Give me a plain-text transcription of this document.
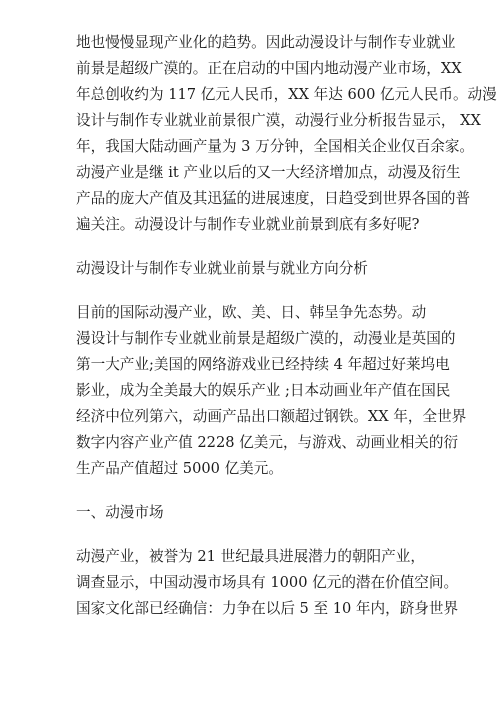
地也慢慢显现产业化的趋势。因此动漫设计与制作专业就业
前景是超级广漠的。正在启动的中国内地动漫产业市场，XX
年总创收约为 117 亿元人民币，XX 年达 600 亿元人民币。动漫
设计与制作专业就业前景很广漠，动漫行业分析报告显示， XX
年，我国大陆动画产量为 3 万分钟，全国相关企业仅百余家。
动漫产业是继 it 产业以后的又一大经济增加点，动漫及衍生
产品的庞大产值及其迅猛的进展速度，日趋受到世界各国的普
遍关注。动漫设计与制作专业就业前景到底有多好呢?
动漫设计与制作专业就业前景与就业方向分析
目前的国际动漫产业，欧、美、日、韩呈争先态势。动
漫设计与制作专业就业前景是超级广漠的，动漫业是英国的
第一大产业;美国的网络游戏业已经持续 4 年超过好莱坞电
影业，成为全美最大的娱乐产业 ;日本动画业年产值在国民
经济中位列第六，动画产品出口额超过钢铁。XX 年，全世界
数字内容产业产值 2228 亿美元，与游戏、动画业相关的衍
生产品产值超过 5000 亿美元。
一、动漫市场
动漫产业，被誉为 21 世纪最具进展潜力的朝阳产业，
调查显示，中国动漫市场具有 1000 亿元的潜在价值空间。
国家文化部已经确信：力争在以后 5 至 10 年内，跻身世界
